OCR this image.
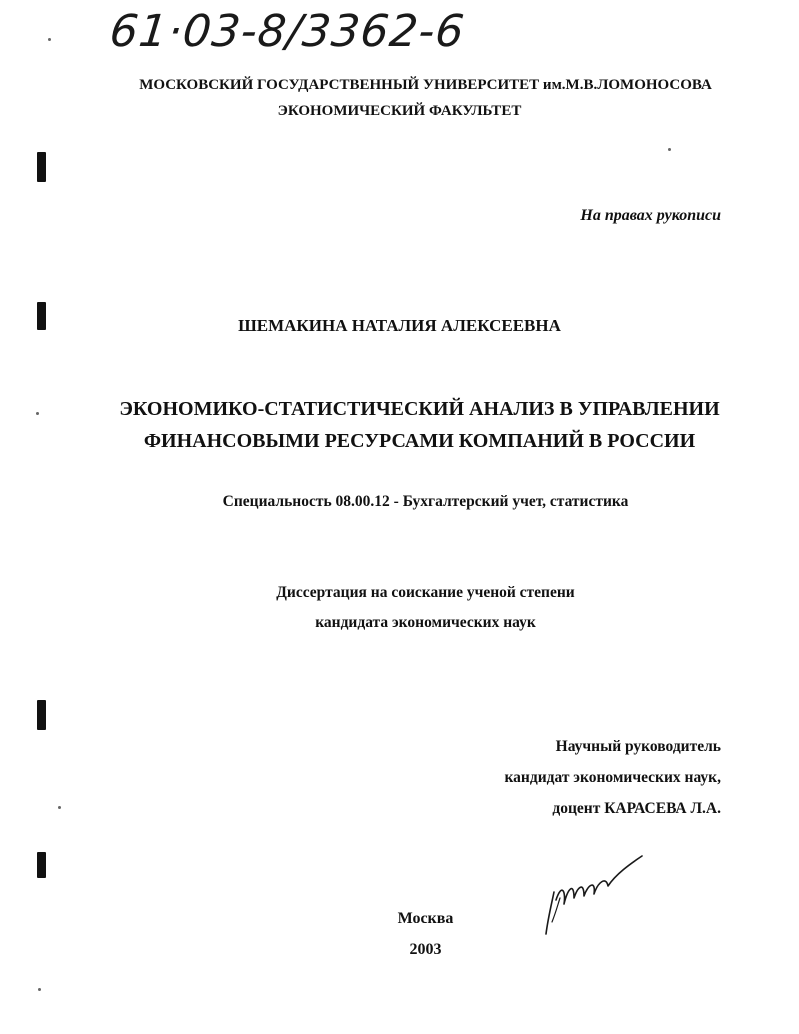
61·03-8/3362-6
МОСКОВСКИЙ ГОСУДАРСТВЕННЫЙ УНИВЕРСИТЕТ им.М.В.ЛОМОНОСОВА
ЭКОНОМИЧЕСКИЙ ФАКУЛЬТЕТ
На правах рукописи
ШЕМАКИНА НАТАЛИЯ АЛЕКСЕЕВНА
ЭКОНОМИКО-СТАТИСТИЧЕСКИЙ АНАЛИЗ В УПРАВЛЕНИИ
ФИНАНСОВЫМИ РЕСУРСАМИ КОМПАНИЙ В РОССИИ
Специальность 08.00.12 - Бухгалтерский учет, статистика
Диссертация на соискание ученой степени
кандидата экономических наук
Научный руководитель
кандидат экономических наук,
доцент КАРАСЕВА Л.А.
Москва
2003
